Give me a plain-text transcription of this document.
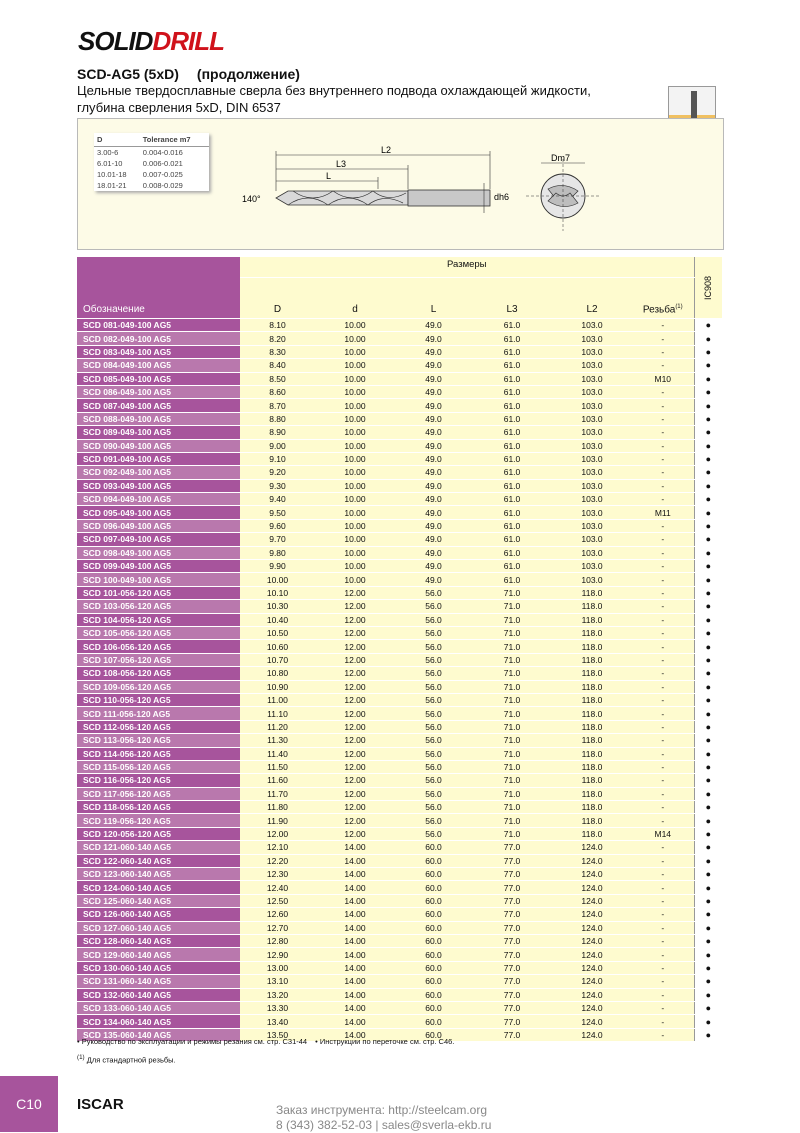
SOLIDDRILL
SCD-AG5 (5xD) (продолжение)
Цельные твердосплавные сверла без внутреннего подвода охлаждающей жидкости, глубина сверления 5xD, DIN 6537
D	Tolerance m7
3.00-6	0.004-0.016
6.01-10	0.006-0.021
10.01-18	0.007-0.025
18.01-21	0.008-0.029
L2
L3
L
140°	dh6
Dm7
Обозначение	Размеры						IC908
	D	d	L	L3	L2	Резьба$^{(1)}$
SCD 081-049-100 AG5	8.10	10.00	49.0	61.0	103.0	-	●
SCD 082-049-100 AG5	8.20	10.00	49.0	61.0	103.0	-	●
SCD 083-049-100 AG5	8.30	10.00	49.0	61.0	103.0	-	●
SCD 084-049-100 AG5	8.40	10.00	49.0	61.0	103.0	-	●
SCD 085-049-100 AG5	8.50	10.00	49.0	61.0	103.0	M10	●
SCD 086-049-100 AG5	8.60	10.00	49.0	61.0	103.0	-	●
SCD 087-049-100 AG5	8.70	10.00	49.0	61.0	103.0	-	●
SCD 088-049-100 AG5	8.80	10.00	49.0	61.0	103.0	-	●
SCD 089-049-100 AG5	8.90	10.00	49.0	61.0	103.0	-	●
SCD 090-049-100 AG5	9.00	10.00	49.0	61.0	103.0	-	●
SCD 091-049-100 AG5	9.10	10.00	49.0	61.0	103.0	-	●
SCD 092-049-100 AG5	9.20	10.00	49.0	61.0	103.0	-	●
SCD 093-049-100 AG5	9.30	10.00	49.0	61.0	103.0	-	●
SCD 094-049-100 AG5	9.40	10.00	49.0	61.0	103.0	-	●
SCD 095-049-100 AG5	9.50	10.00	49.0	61.0	103.0	M11	●
SCD 096-049-100 AG5	9.60	10.00	49.0	61.0	103.0	-	●
SCD 097-049-100 AG5	9.70	10.00	49.0	61.0	103.0	-	●
SCD 098-049-100 AG5	9.80	10.00	49.0	61.0	103.0	-	●
SCD 099-049-100 AG5	9.90	10.00	49.0	61.0	103.0	-	●
SCD 100-049-100 AG5	10.00	10.00	49.0	61.0	103.0	-	●
SCD 101-056-120 AG5	10.10	12.00	56.0	71.0	118.0	-	●
SCD 103-056-120 AG5	10.30	12.00	56.0	71.0	118.0	-	●
SCD 104-056-120 AG5	10.40	12.00	56.0	71.0	118.0	-	●
SCD 105-056-120 AG5	10.50	12.00	56.0	71.0	118.0	-	●
SCD 106-056-120 AG5	10.60	12.00	56.0	71.0	118.0	-	●
SCD 107-056-120 AG5	10.70	12.00	56.0	71.0	118.0	-	●
SCD 108-056-120 AG5	10.80	12.00	56.0	71.0	118.0	-	●
SCD 109-056-120 AG5	10.90	12.00	56.0	71.0	118.0	-	●
SCD 110-056-120 AG5	11.00	12.00	56.0	71.0	118.0	-	●
SCD 111-056-120 AG5	11.10	12.00	56.0	71.0	118.0	-	●
SCD 112-056-120 AG5	11.20	12.00	56.0	71.0	118.0	-	●
SCD 113-056-120 AG5	11.30	12.00	56.0	71.0	118.0	-	●
SCD 114-056-120 AG5	11.40	12.00	56.0	71.0	118.0	-	●
SCD 115-056-120 AG5	11.50	12.00	56.0	71.0	118.0	-	●
SCD 116-056-120 AG5	11.60	12.00	56.0	71.0	118.0	-	●
SCD 117-056-120 AG5	11.70	12.00	56.0	71.0	118.0	-	●
SCD 118-056-120 AG5	11.80	12.00	56.0	71.0	118.0	-	●
SCD 119-056-120 AG5	11.90	12.00	56.0	71.0	118.0	-	●
SCD 120-056-120 AG5	12.00	12.00	56.0	71.0	118.0	M14	●
SCD 121-060-140 AG5	12.10	14.00	60.0	77.0	124.0	-	●
SCD 122-060-140 AG5	12.20	14.00	60.0	77.0	124.0	-	●
SCD 123-060-140 AG5	12.30	14.00	60.0	77.0	124.0	-	●
SCD 124-060-140 AG5	12.40	14.00	60.0	77.0	124.0	-	●
SCD 125-060-140 AG5	12.50	14.00	60.0	77.0	124.0	-	●
SCD 126-060-140 AG5	12.60	14.00	60.0	77.0	124.0	-	●
SCD 127-060-140 AG5	12.70	14.00	60.0	77.0	124.0	-	●
SCD 128-060-140 AG5	12.80	14.00	60.0	77.0	124.0	-	●
SCD 129-060-140 AG5	12.90	14.00	60.0	77.0	124.0	-	●
SCD 130-060-140 AG5	13.00	14.00	60.0	77.0	124.0	-	●
SCD 131-060-140 AG5	13.10	14.00	60.0	77.0	124.0	-	●
SCD 132-060-140 AG5	13.20	14.00	60.0	77.0	124.0	-	●
SCD 133-060-140 AG5	13.30	14.00	60.0	77.0	124.0	-	●
SCD 134-060-140 AG5	13.40	14.00	60.0	77.0	124.0	-	●
SCD 135-060-140 AG5	13.50	14.00	60.0	77.0	124.0	-	●
• Руководство по эксплуатации и режимы резания см. стр. C31-44 • Инструкции по переточке см. стр. C46.
$^{(1)}$ Для стандартной резьбы.
C10	ISCAR	Заказ инструмента: http://steelcam.org
8 (343) 382-52-03 | sales@sverla-ekb.ru
